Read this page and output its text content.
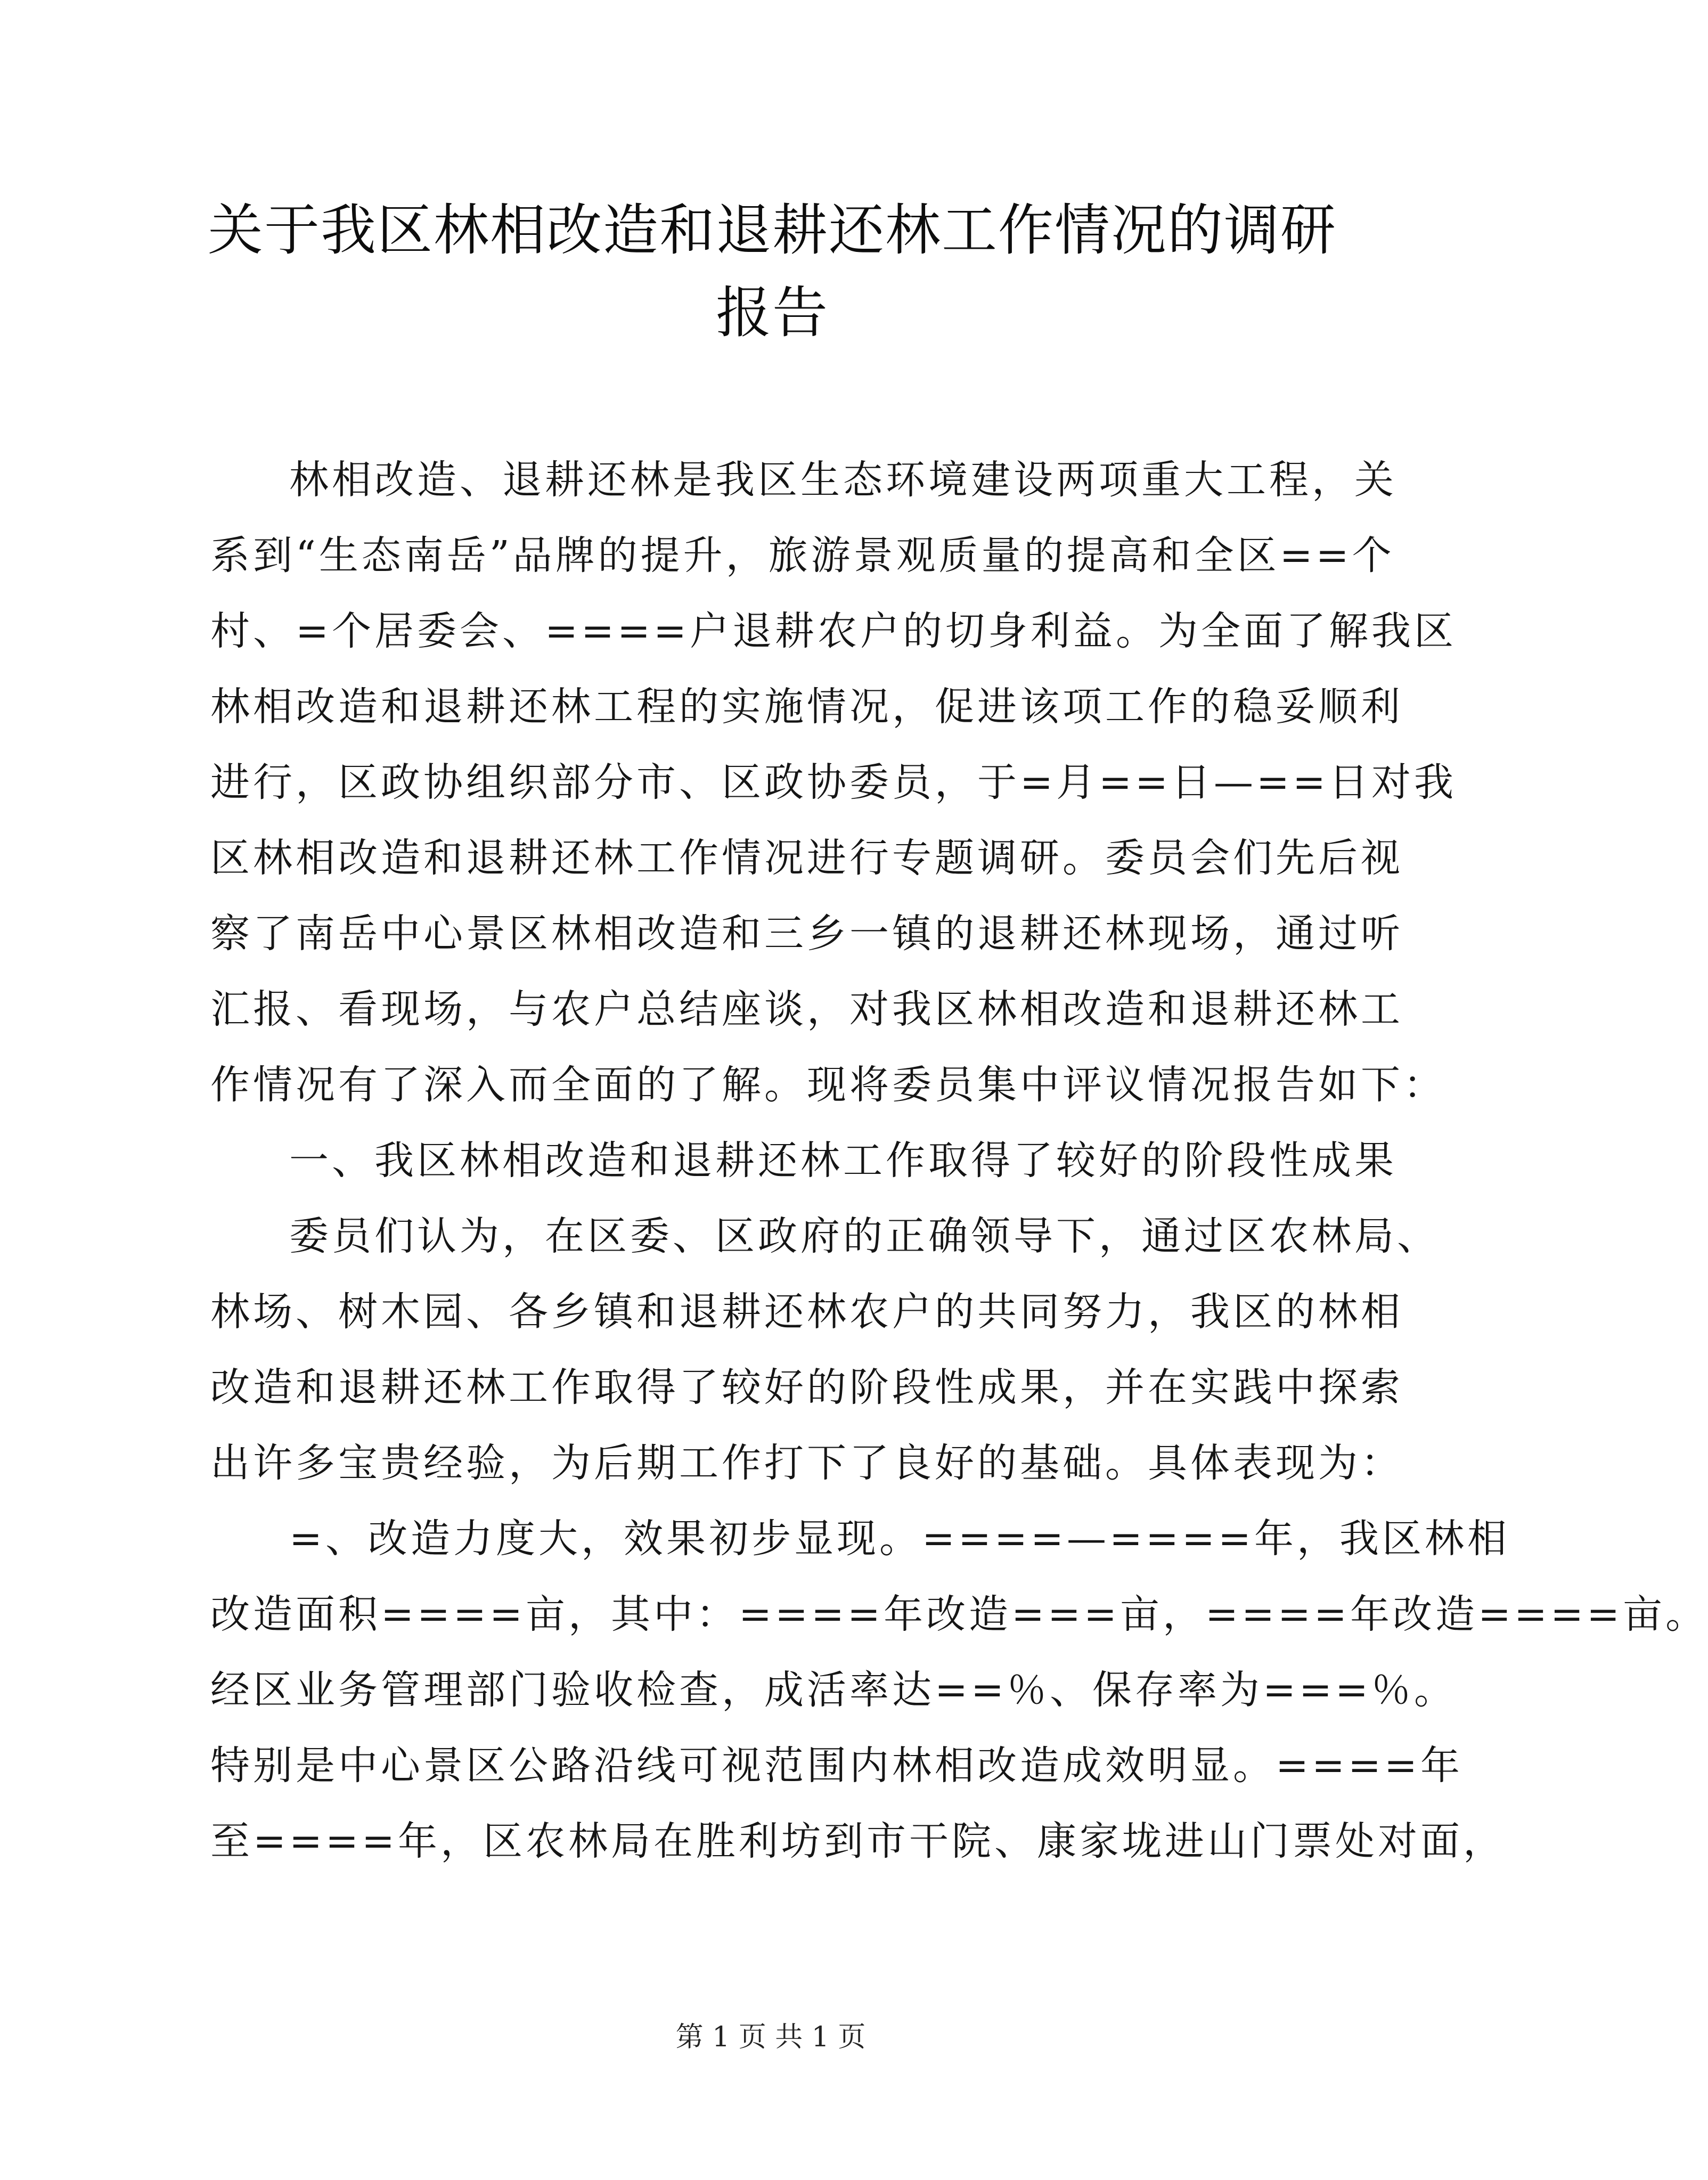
关于我区林相改造和退耕还林工作情况的调研
报告
林相改造、退耕还林是我区生态环境建设两项重大工程，关
系到“生态南岳”品牌的提升，旅游景观质量的提高和全区==个
村、=个居委会、====户退耕农户的切身利益。为全面了解我区
林相改造和退耕还林工程的实施情况，促进该项工作的稳妥顺利
进行，区政协组织部分市、区政协委员，于=月==日—==日对我
区林相改造和退耕还林工作情况进行专题调研。委员会们先后视
察了南岳中心景区林相改造和三乡一镇的退耕还林现场，通过听
汇报、看现场，与农户总结座谈，对我区林相改造和退耕还林工
作情况有了深入而全面的了解。现将委员集中评议情况报告如下：
一、我区林相改造和退耕还林工作取得了较好的阶段性成果
委员们认为，在区委、区政府的正确领导下，通过区农林局、
林场、树木园、各乡镇和退耕还林农户的共同努力，我区的林相
改造和退耕还林工作取得了较好的阶段性成果，并在实践中探索
出许多宝贵经验，为后期工作打下了良好的基础。具体表现为：
=、改造力度大，效果初步显现。====—====年，我区林相
改造面积====亩，其中：====年改造===亩，====年改造====亩。
经区业务管理部门验收检查，成活率达==％、保存率为===％。
特别是中心景区公路沿线可视范围内林相改造成效明显。====年
至====年，区农林局在胜利坊到市干院、康家垅进山门票处对面，
第 1 页 共 1 页
